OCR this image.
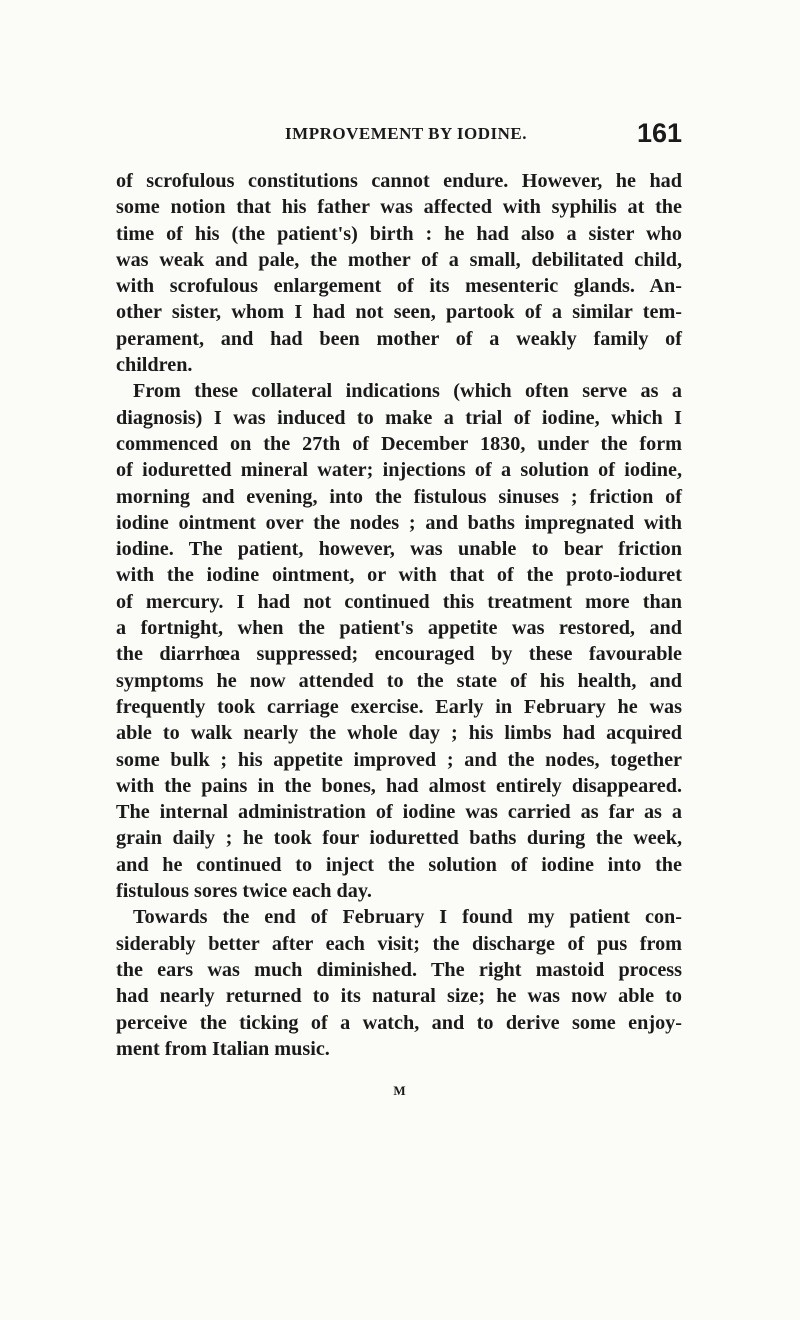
IMPROVEMENT BY IODINE.	161
of scrofulous constitutions cannot endure. However, he had
some notion that his father was affected with syphilis at the
time of his (the patient's) birth : he had also a sister who
was weak and pale, the mother of a small, debilitated child,
with scrofulous enlargement of its mesenteric glands. An-
other sister, whom I had not seen, partook of a similar tem-
perament, and had been mother of a weakly family of
children.
From these collateral indications (which often serve as a
diagnosis) I was induced to make a trial of iodine, which I
commenced on the 27th of December 1830, under the form
of ioduretted mineral water; injections of a solution of iodine,
morning and evening, into the fistulous sinuses ; friction of
iodine ointment over the nodes ; and baths impregnated with
iodine. The patient, however, was unable to bear friction
with the iodine ointment, or with that of the proto-ioduret
of mercury. I had not continued this treatment more than
a fortnight, when the patient's appetite was restored, and
the diarrhœa suppressed; encouraged by these favourable
symptoms he now attended to the state of his health, and
frequently took carriage exercise. Early in February he was
able to walk nearly the whole day ; his limbs had acquired
some bulk ; his appetite improved ; and the nodes, together
with the pains in the bones, had almost entirely disappeared.
The internal administration of iodine was carried as far as a
grain daily ; he took four ioduretted baths during the week,
and he continued to inject the solution of iodine into the
fistulous sores twice each day.
Towards the end of February I found my patient con-
siderably better after each visit; the discharge of pus from
the ears was much diminished. The right mastoid process
had nearly returned to its natural size; he was now able to
perceive the ticking of a watch, and to derive some enjoy-
ment from Italian music.
M
